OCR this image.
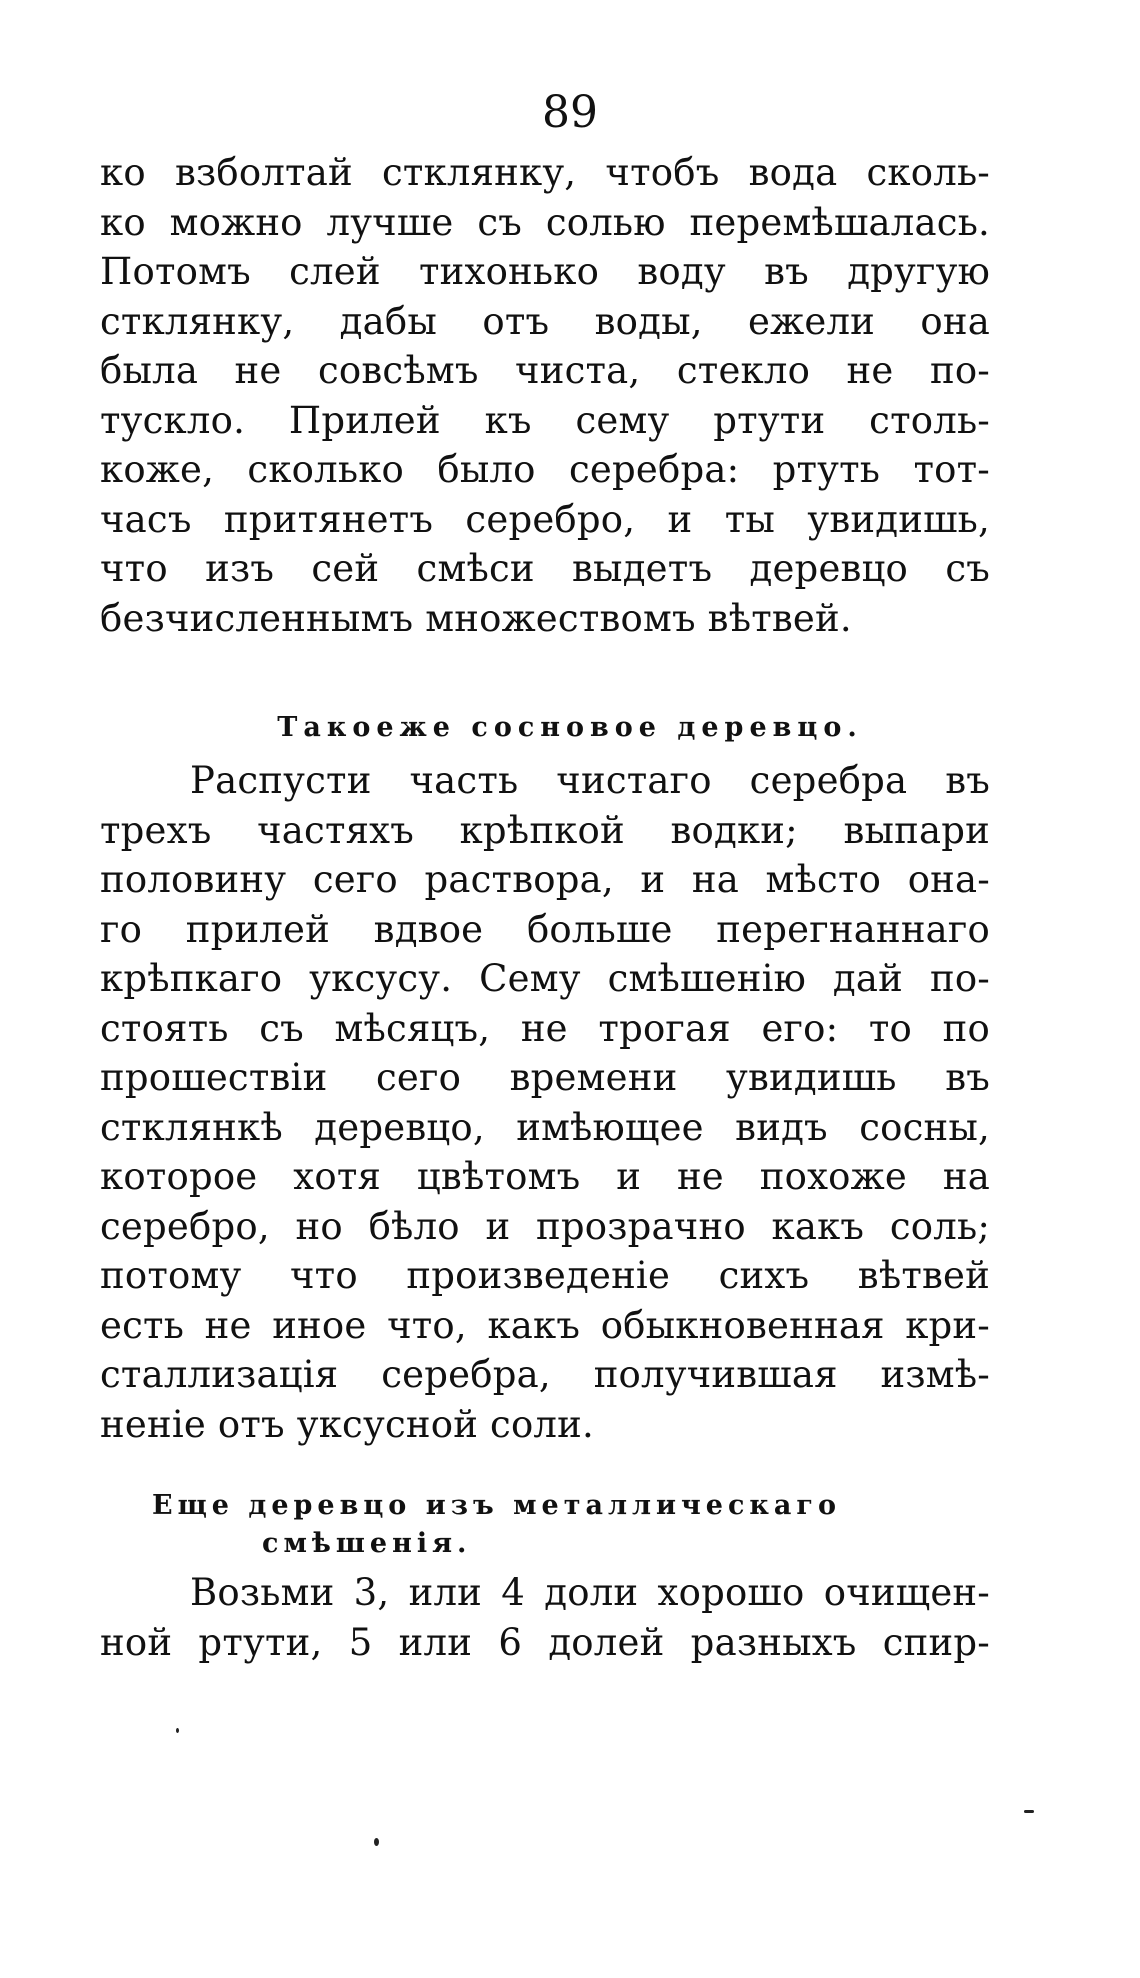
89
ко взболтай стклянку, чтобъ вода сколь-
ко можно лучше съ солью перемѣшалась.
Потомъ слей тихонько воду въ другую
стклянку, дабы отъ воды, ежели она
была не совсѣмъ чиста, стекло не по-
тускло. Прилей къ сему ртути столь-
коже, сколько было серебра: ртуть тот-
часъ притянетъ серебро, и ты увидишь,
что изъ сей смѣси выдетъ деревцо съ
безчисленнымъ множествомъ вѣтвей.
Такоеже сосновое деревцо.
Распусти часть чистаго серебра въ
трехъ частяхъ крѣпкой водки; выпари
половину сего раствора, и на мѣсто она-
го прилей вдвое больше перегнаннаго
крѣпкаго уксусу. Сему смѣшенію дай по-
стоять съ мѣсяцъ, не трогая его: то по
прошествіи сего времени увидишь въ
стклянкѣ деревцо, имѣющее видъ сосны,
которое хотя цвѣтомъ и не похоже на
серебро, но бѣло и прозрачно какъ соль;
потому что произведеніе сихъ вѣтвей
есть не иное что, какъ обыкновенная кри-
сталлизація серебра, получившая измѣ-
неніе отъ уксусной соли.
Еще деревцо изъ металлическаго
смѣшенія.
Возьми 3, или 4 доли хорошо очищен-
ной ртути, 5 или 6 долей разныхъ спир-
